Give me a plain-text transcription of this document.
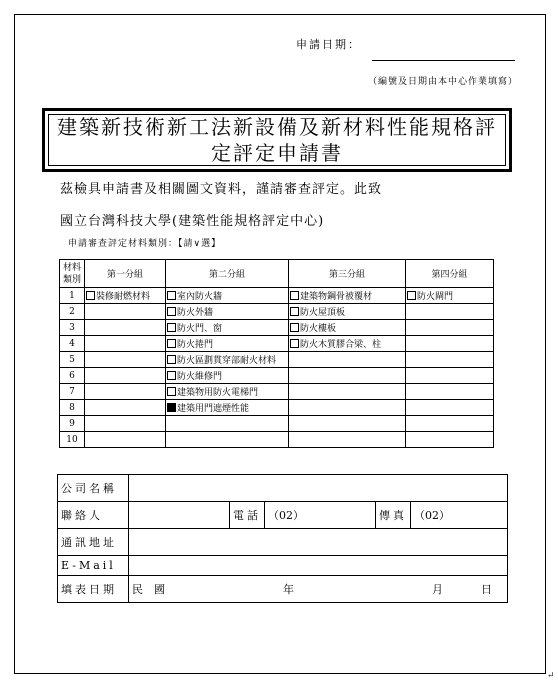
申請日期：
（編號及日期由本中心作業填寫）
建築新技術新工法新設備及新材料性能規格評定評定申請書
茲檢具申請書及相關圖文資料，謹請審查評定。此致
國立台灣科技大學(建築性能規格評定中心)
申請審查評定材料類別：【請∨選】
材料類別	第一分組	第二分組	第三分組	第四分組
1	裝修耐燃材料	室內防火牆	建築物鋼骨被覆材	防火閘門
2		防火外牆	防火屋頂板	
3		防火門、窗	防火樓板	
4		防火捲門	防火木質膠合梁、柱	
5		防火區劃貫穿部耐火材料		
6		防火維修門		
7		建築物用防火電梯門		
8		建築用門遮煙性能		
9				
10				
公司名稱					
聯絡人		電話	（02）	傳真	（02）
通訊地址					
E-Mail					
填表日期	民　國 年 月 日				
↵
